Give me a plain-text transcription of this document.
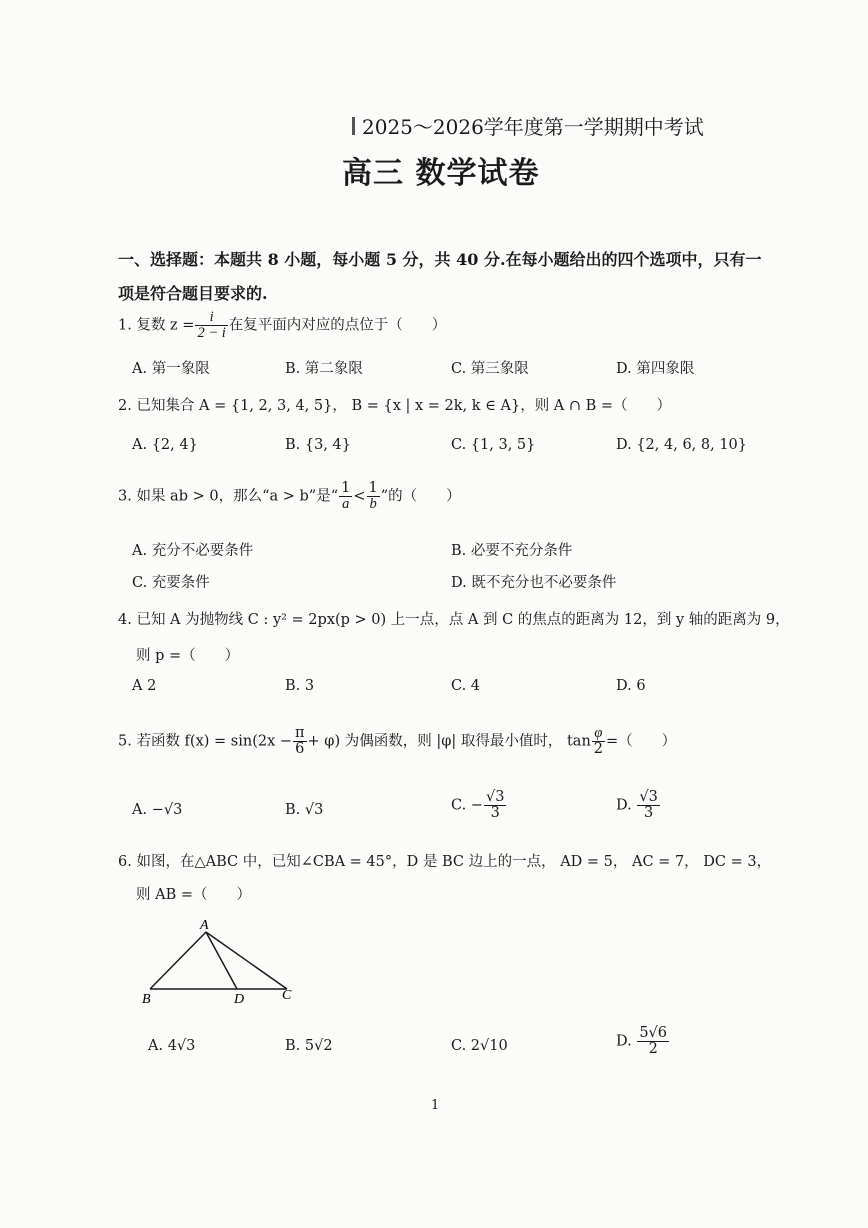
2025～2026学年度第一学期期中考试
高三 数学试卷
一、选择题：本题共 8 小题，每小题 5 分，共 40 分.在每小题给出的四个选项中，只有一
项是符合题目要求的.
1. 复数 $z = \frac{i}{2 - i}$ 在复平面内对应的点位于（　　）
A. 第一象限	B. 第二象限	C. 第三象限	D. 第四象限
2. 已知集合 A = {1, 2, 3, 4, 5}， B = {x | x = 2k, k ∈ A}，则 A ∩ B =（　　）
A. {2, 4}	B. {3, 4}	C. {1, 3, 5}	D. {2, 4, 6, 8, 10}
3. 如果 ab > 0，那么“a > b”是“ $\frac{1}{a} < \frac{1}{b}$ ”的（　　）
A. 充分不必要条件	B. 必要不充分条件
C. 充要条件	D. 既不充分也不必要条件
4. 已知 A 为抛物线 C : y² = 2px(p > 0) 上一点，点 A 到 C 的焦点的距离为 12，到 y 轴的距离为 9，
则 p =（　　）
A 2	B. 3	C. 4	D. 6
5. 若函数 $f(x) = \sin(2x - \frac{\pi}{6} + \varphi)$ 为偶函数，则 |φ| 取得最小值时， $\tan \frac{\varphi}{2}$ =（　　）
A. −√3	B. √3	C. − $\frac{√3}{3}$	D. $\frac{√3}{3}$
6. 如图，在△ABC 中，已知∠CBA = 45°，D 是 BC 边上的一点， AD = 5， AC = 7， DC = 3，
则 AB =（　　）
A
B	D	C
A. 4√3	B. 5√2	C. 2√10	D. $\frac{5√6}{2}$
1
